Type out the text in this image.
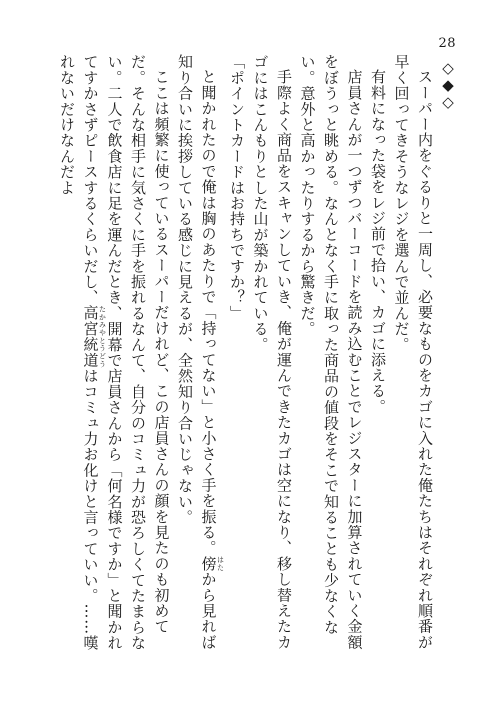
28
◇
◆
◇

スーパー内をぐるりと一周し、必要なものをカゴに入れた俺たちはそれぞれ順番が早く回ってきそうなレジを選んで並んだ。

有料になった袋をレジ前で拾い、カゴに添える。

店員さんが一つずつバーコードを読み込むことでレジスターに加算されていく金額をぼうっと眺める。なんとなく手に取った商品の値段をそこで知ることも少なくない。意外と高かったりするから驚きだ。

手際よく商品をスキャンしていき、俺が運んできたカゴは空になり、移し替えたカゴにはこんもりとした山が築かれている。

「ポイントカードはお持ちですか？」

と聞かれたので俺は胸のあたりで「持ってない」と小さく手を振る。傍 はたから見れば知り合いに挨拶している感じに見えるが、全然知り合いじゃない。

ここは頻繁に使っているスーパーだけれど、この店員さんの顔を見たのも初めてだ。そんな相手に気さくに手を振れるなんて、自分のコミュ力が恐ろしくてたまらない。二人で飲食店に足を運んだとき、開幕で店員さんから「何名様ですか」と聞かれてすかさずピースするくらいだし、高宮統道 たかみやとうどうはコミュ力お化けと言っていい。……嘆れないだけなんだよ
